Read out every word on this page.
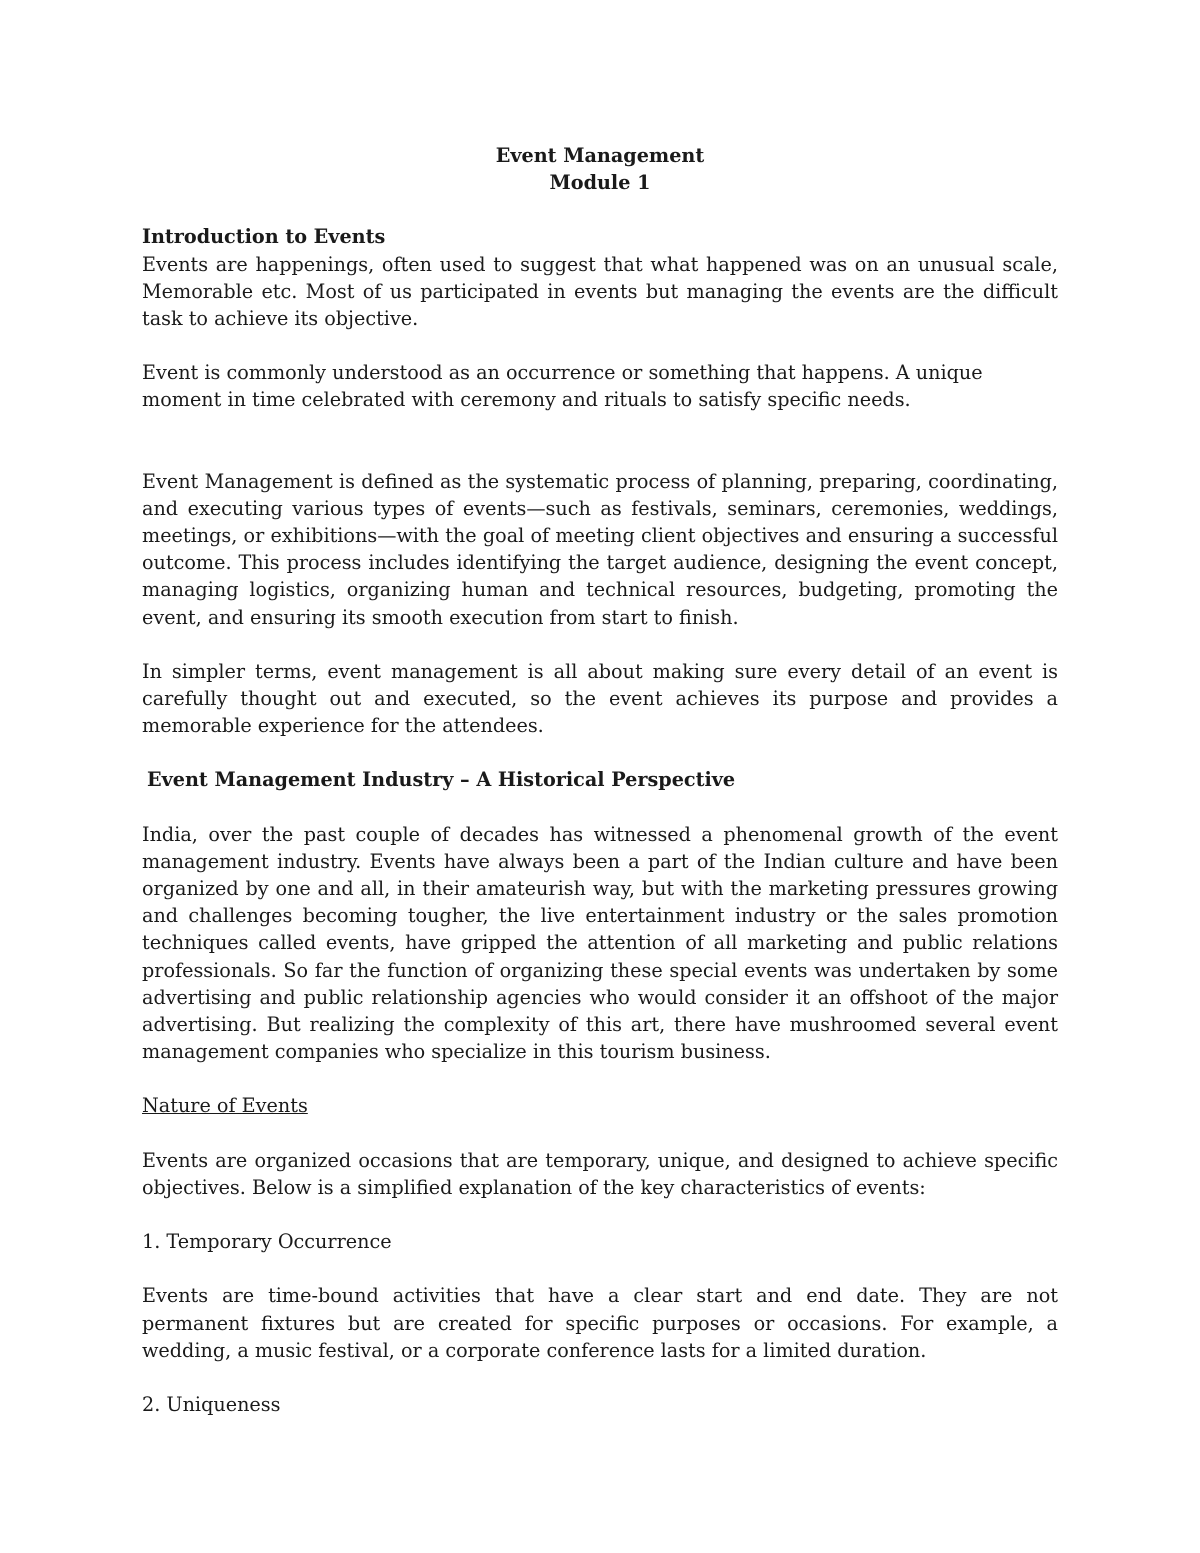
Event Management
Module 1
Introduction to Events

Events are happenings, often used to suggest that what happened was on an unusual scale, Memorable etc. Most of us participated in events but managing the events are the difficult task to achieve its objective.

Event is commonly understood as an occurrence or something that happens. A unique moment in time celebrated with ceremony and rituals to satisfy specific needs.

Event Management is defined as the systematic process of planning, preparing, coordinating, and executing various types of events—such as festivals, seminars, ceremonies, weddings, meetings, or exhibitions—with the goal of meeting client objectives and ensuring a successful outcome. This process includes identifying the target audience, designing the event concept, managing logistics, organizing human and technical resources, budgeting, promoting the event, and ensuring its smooth execution from start to finish.

In simpler terms, event management is all about making sure every detail of an event is carefully thought out and executed, so the event achieves its purpose and provides a memorable experience for the attendees.

Event Management Industry – A Historical Perspective

India, over the past couple of decades has witnessed a phenomenal growth of the event management industry. Events have always been a part of the Indian culture and have been organized by one and all, in their amateurish way, but with the marketing pressures growing and challenges becoming tougher, the live entertainment industry or the sales promotion techniques called events, have gripped the attention of all marketing and public relations professionals. So far the function of organizing these special events was undertaken by some advertising and public relationship agencies who would consider it an offshoot of the major advertising. But realizing the complexity of this art, there have mushroomed several event management companies who specialize in this tourism business.

Nature of Events

Events are organized occasions that are temporary, unique, and designed to achieve specific objectives. Below is a simplified explanation of the key characteristics of events:

1. Temporary Occurrence

Events are time-bound activities that have a clear start and end date. They are not permanent fixtures but are created for specific purposes or occasions. For example, a wedding, a music festival, or a corporate conference lasts for a limited duration.

2. Uniqueness
